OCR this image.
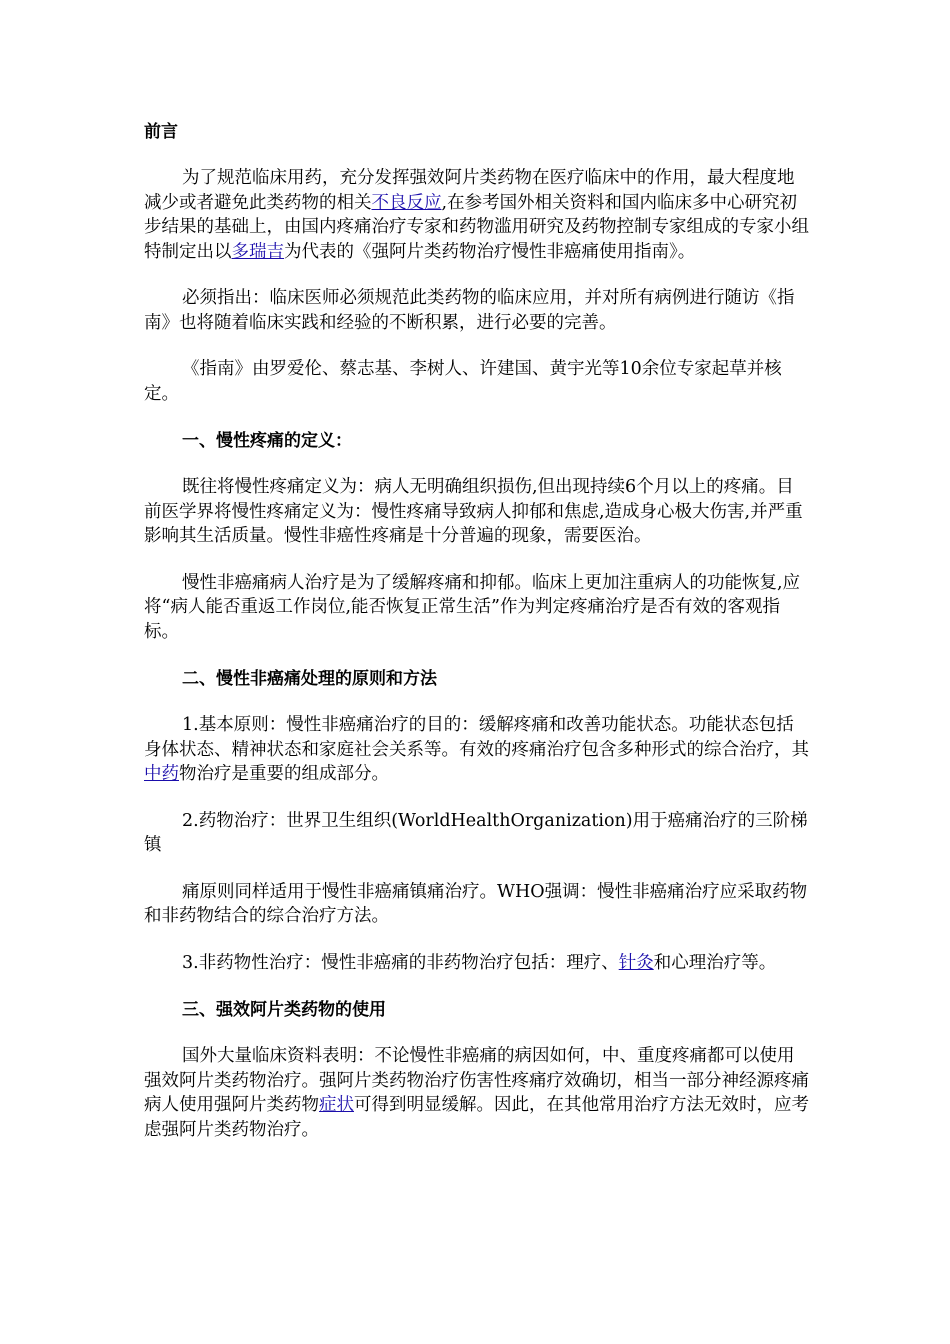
前言

为了规范临床用药，充分发挥强效阿片类药物在医疗临床中的作用，最大程度地减少或者避免此类药物的相关不良反应,在参考国外相关资料和国内临床多中心研究初步结果的基础上，由国内疼痛治疗专家和药物滥用研究及药物控制专家组成的专家小组特制定出以多瑞吉为代表的《强阿片类药物治疗慢性非癌痛使用指南》。

必须指出：临床医师必须规范此类药物的临床应用，并对所有病例进行随访《指南》也将随着临床实践和经验的不断积累，进行必要的完善。

《指南》由罗爱伦、蔡志基、李树人、许建国、黄宇光等10余位专家起草并核定。

一、慢性疼痛的定义：

既往将慢性疼痛定义为：病人无明确组织损伤,但出现持续6个月以上的疼痛。目前医学界将慢性疼痛定义为：慢性疼痛导致病人抑郁和焦虑,造成身心极大伤害,并严重影响其生活质量。慢性非癌性疼痛是十分普遍的现象，需要医治。

慢性非癌痛病人治疗是为了缓解疼痛和抑郁。临床上更加注重病人的功能恢复,应将“病人能否重返工作岗位,能否恢复正常生活”作为判定疼痛治疗是否有效的客观指标。

二、慢性非癌痛处理的原则和方法

1.基本原则：慢性非癌痛治疗的目的：缓解疼痛和改善功能状态。功能状态包括身体状态、精神状态和家庭社会关系等。有效的疼痛治疗包含多种形式的综合治疗，其中药物治疗是重要的组成部分。

2.药物治疗：世界卫生组织(WorldHealthOrganization)用于癌痛治疗的三阶梯镇

痛原则同样适用于慢性非癌痛镇痛治疗。WHO强调：慢性非癌痛治疗应采取药物和非药物结合的综合治疗方法。

3.非药物性治疗：慢性非癌痛的非药物治疗包括：理疗、针灸和心理治疗等。

三、强效阿片类药物的使用

国外大量临床资料表明：不论慢性非癌痛的病因如何，中、重度疼痛都可以使用强效阿片类药物治疗。强阿片类药物治疗伤害性疼痛疗效确切，相当一部分神经源疼痛病人使用强阿片类药物症状可得到明显缓解。因此，在其他常用治疗方法无效时，应考虑强阿片类药物治疗。
